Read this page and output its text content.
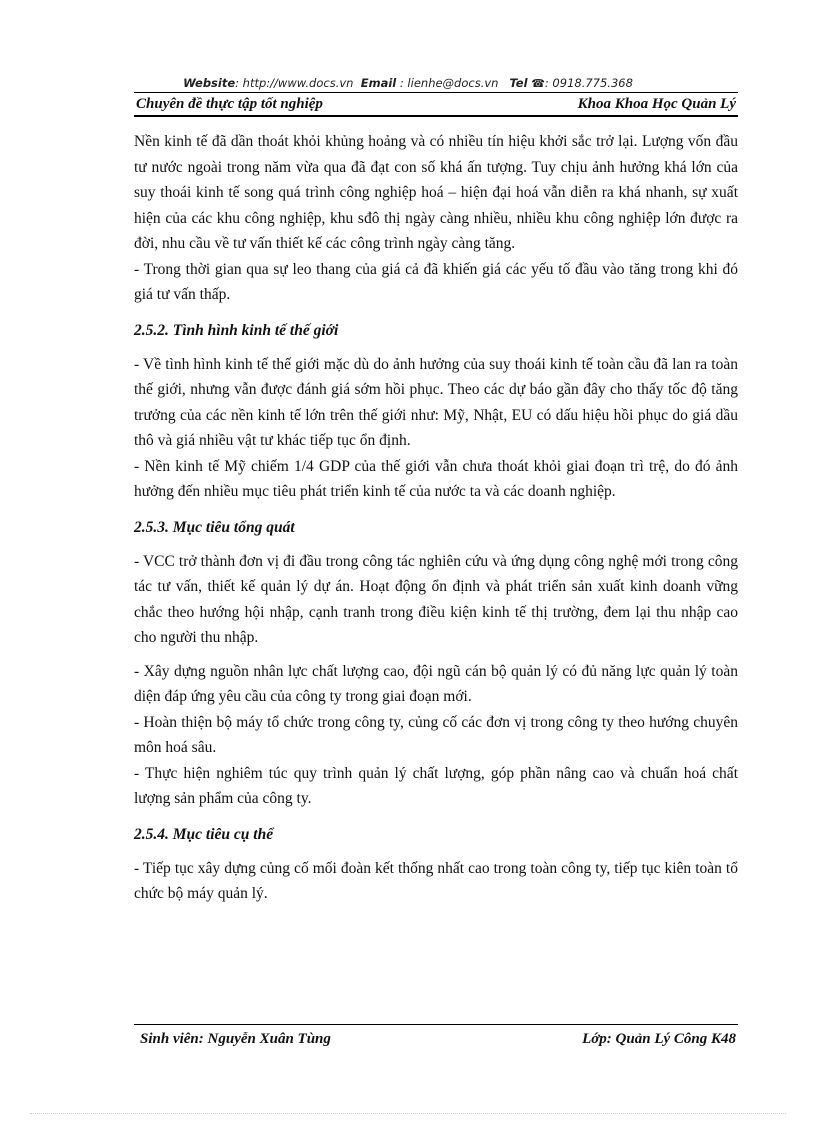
Website: http://www.docs.vn Email : lienhe@docs.vn Tel ☎: 0918.775.368
Chuyên đề thực tập tốt nghiệp	Khoa Khoa Học Quản Lý

Nền kinh tế đã dần thoát khỏi khủng hoảng và có nhiều tín hiệu khởi sắc trở lại. Lượng vốn đầu tư nước ngoài trong năm vừa qua đã đạt con số khá ấn tượng. Tuy chịu ảnh hưởng khá lớn của suy thoái kinh tế song quá trình công nghiệp hoá – hiện đại hoá vẫn diễn ra khá nhanh, sự xuất hiện của các khu công nghiệp, khu sđô thị ngày càng nhiều, nhiều khu công nghiệp lớn được ra đời, nhu cầu về tư vấn thiết kế các công trình ngày càng tăng.

- Trong thời gian qua sự leo thang của giá cả đã khiến giá các yếu tố đầu vào tăng trong khi đó giá tư vấn thấp.

2.5.2. Tình hình kinh tế thế giới

- Về tình hình kinh tế thế giới mặc dù do ảnh hưởng của suy thoái kinh tế toàn cầu đã lan ra toàn thế giới, nhưng vẫn được đánh giá sớm hồi phục. Theo các dự báo gần đây cho thấy tốc độ tăng trưởng của các nền kinh tế lớn trên thế giới như: Mỹ, Nhật, EU có dấu hiệu hồi phục do giá dầu thô và giá nhiều vật tư khác tiếp tục ổn định.

- Nền kinh tế Mỹ chiếm 1/4 GDP của thế giới vẫn chưa thoát khỏi giai đoạn trì trệ, do đó ảnh hưởng đến nhiều mục tiêu phát triển kinh tế của nước ta và các doanh nghiệp.

2.5.3. Mục tiêu tổng quát

- VCC trở thành đơn vị đi đầu trong công tác nghiên cứu và ứng dụng công nghệ mới trong công tác tư vấn, thiết kế quản lý dự án. Hoạt động ổn định và phát triển sản xuất kinh doanh vững chắc theo hướng hội nhập, cạnh tranh trong điều kiện kinh tế thị trường, đem lại thu nhập cao cho người thu nhập.

- Xây dựng nguồn nhân lực chất lượng cao, đội ngũ cán bộ quản lý có đủ năng lực quản lý toàn diện đáp ứng yêu cầu của công ty trong giai đoạn mới.

- Hoàn thiện bộ máy tổ chức trong công ty, củng cố các đơn vị trong công ty theo hướng chuyên môn hoá sâu.

- Thực hiện nghiêm túc quy trình quản lý chất lượng, góp phần nâng cao và chuẩn hoá chất lượng sản phẩm của công ty.

2.5.4. Mục tiêu cụ thể

- Tiếp tục xây dựng củng cố mối đoàn kết thống nhất cao trong toàn công ty, tiếp tục kiên toàn tổ chức bộ máy quản lý.

Sinh viên: Nguyễn Xuân Tùng	Lớp: Quản Lý Công K48
